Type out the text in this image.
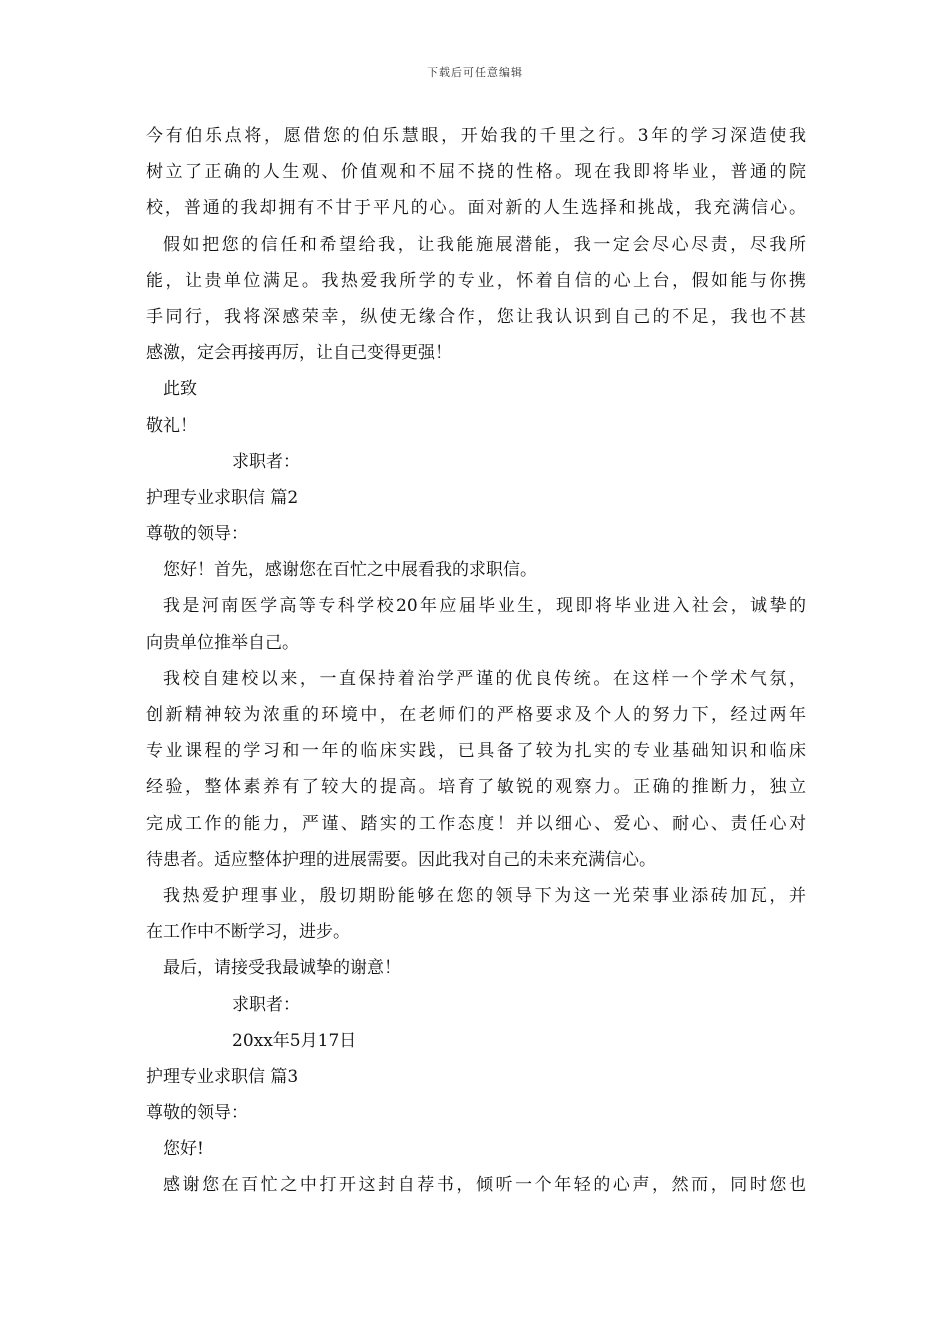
下载后可任意编辑
今有伯乐点将，愿借您的伯乐慧眼，开始我的千里之行。3年的学习深造使我
树立了正确的人生观、价值观和不屈不挠的性格。现在我即将毕业，普通的院
校，普通的我却拥有不甘于平凡的心。面对新的人生选择和挑战，我充满信心。
假如把您的信任和希望给我，让我能施展潜能，我一定会尽心尽责，尽我所
能，让贵单位满足。我热爱我所学的专业，怀着自信的心上台，假如能与你携
手同行，我将深感荣幸，纵使无缘合作，您让我认识到自己的不足，我也不甚
感激，定会再接再厉，让自己变得更强！
此致
敬礼！
求职者：
护理专业求职信 篇2
尊敬的领导：
您好！首先，感谢您在百忙之中展看我的求职信。
我是河南医学高等专科学校20年应届毕业生，现即将毕业进入社会，诚挚的
向贵单位推举自己。
我校自建校以来，一直保持着治学严谨的优良传统。在这样一个学术气氛，
创新精神较为浓重的环境中，在老师们的严格要求及个人的努力下，经过两年
专业课程的学习和一年的临床实践，已具备了较为扎实的专业基础知识和临床
经验，整体素养有了较大的提高。培育了敏锐的观察力。正确的推断力，独立
完成工作的能力，严谨、踏实的工作态度！并以细心、爱心、耐心、责任心对
待患者。适应整体护理的进展需要。因此我对自己的未来充满信心。
我热爱护理事业，殷切期盼能够在您的领导下为这一光荣事业添砖加瓦，并
在工作中不断学习，进步。
最后，请接受我最诚挚的谢意！
求职者：
20xx年5月17日
护理专业求职信 篇3
尊敬的领导：
您好!
感谢您在百忙之中打开这封自荐书，倾听一个年轻的心声，然而，同时您也
